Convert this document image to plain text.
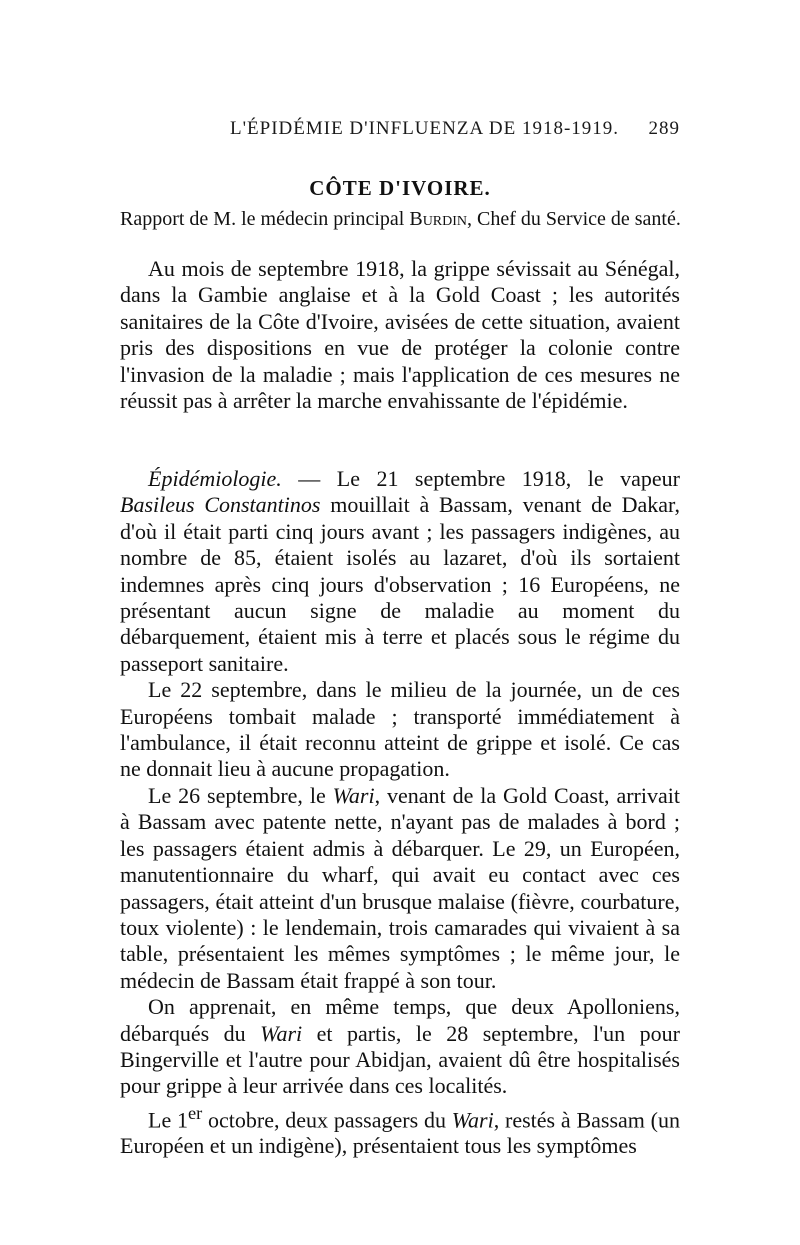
L'ÉPIDÉMIE D'INFLUENZA DE 1918-1919. 289
CÔTE D'IVOIRE.
Rapport de M. le médecin principal Burdin, Chef du Service de santé.

Au mois de septembre 1918, la grippe sévissait au Sénégal, dans la Gambie anglaise et à la Gold Coast ; les autorités sanitaires de la Côte d'Ivoire, avisées de cette situation, avaient pris des dispositions en vue de protéger la colonie contre l'invasion de la maladie ; mais l'application de ces mesures ne réussit pas à arrêter la marche envahissante de l'épidémie.

Épidémiologie. — Le 21 septembre 1918, le vapeur Basileus Constantinos mouillait à Bassam, venant de Dakar, d'où il était parti cinq jours avant ; les passagers indigènes, au nombre de 85, étaient isolés au lazaret, d'où ils sortaient indemnes après cinq jours d'observation ; 16 Européens, ne présentant aucun signe de maladie au moment du débarquement, étaient mis à terre et placés sous le régime du passeport sanitaire.

Le 22 septembre, dans le milieu de la journée, un de ces Européens tombait malade ; transporté immédiatement à l'ambulance, il était reconnu atteint de grippe et isolé. Ce cas ne donnait lieu à aucune propagation.

Le 26 septembre, le Wari, venant de la Gold Coast, arrivait à Bassam avec patente nette, n'ayant pas de malades à bord ; les passagers étaient admis à débarquer. Le 29, un Européen, manutentionnaire du wharf, qui avait eu contact avec ces passagers, était atteint d'un brusque malaise (fièvre, courbature, toux violente) : le lendemain, trois camarades qui vivaient à sa table, présentaient les mêmes symptômes ; le même jour, le médecin de Bassam était frappé à son tour.

On apprenait, en même temps, que deux Apolloniens, débarqués du Wari et partis, le 28 septembre, l'un pour Bingerville et l'autre pour Abidjan, avaient dû être hospitalisés pour grippe à leur arrivée dans ces localités.

Le 1er octobre, deux passagers du Wari, restés à Bassam (un Européen et un indigène), présentaient tous les symptômes
